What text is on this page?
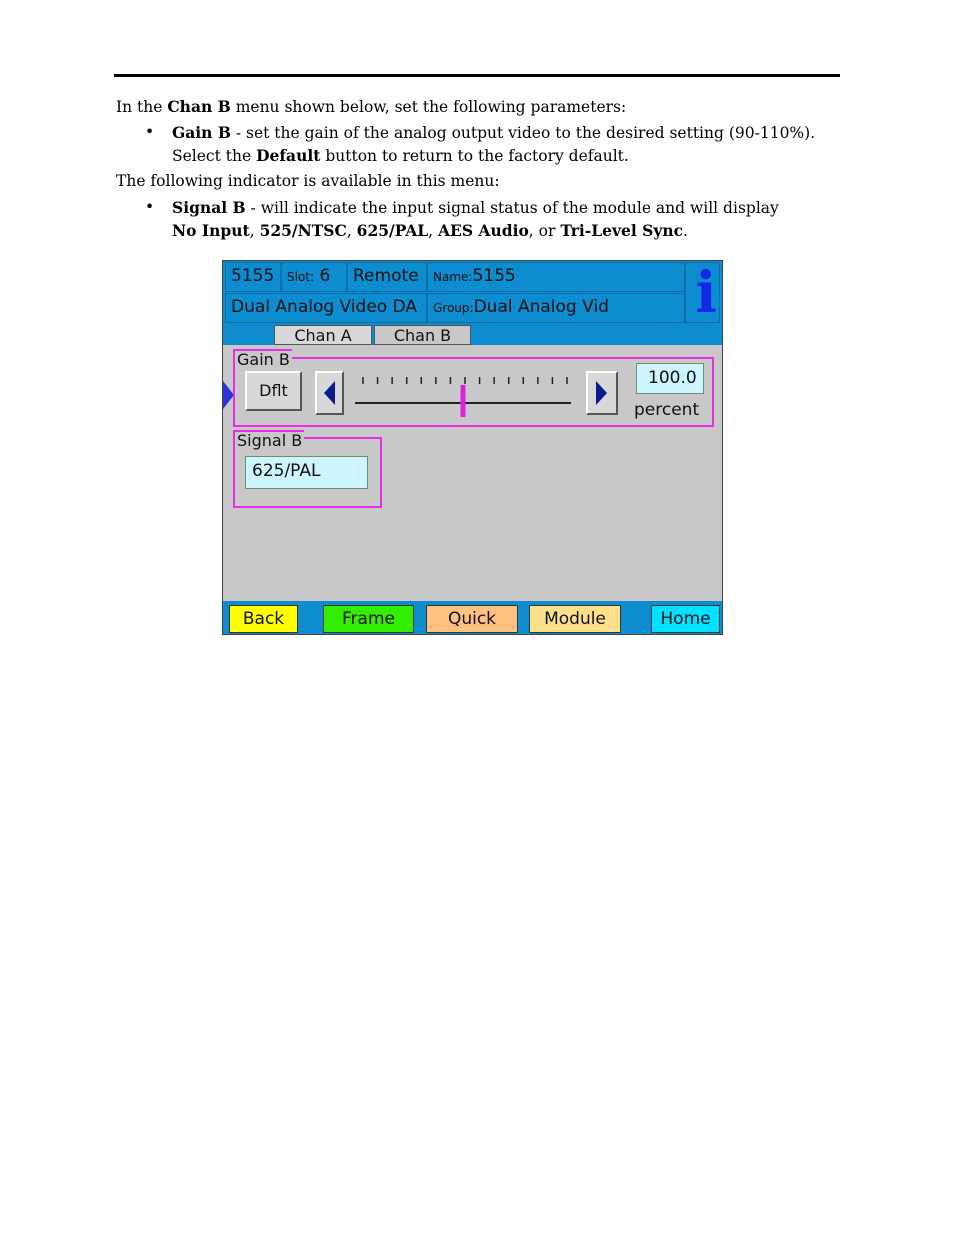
In the Chan B menu shown below, set the following parameters:
• Gain B - set the gain of the analog output video to the desired setting (90-110%).
Select the Default button to return to the factory default.
The following indicator is available in this menu:
• Signal B - will indicate the input signal status of the module and will display
No Input, 525/NTSC, 625/PAL, AES Audio, or Tri-Level Sync.
5155	Slot: 6	Remote	Name:5155
Dual Analog Video DA	Group:Dual Analog Vid	i
Chan A	Chan B
Gain B
Dflt
100.0
percent
Signal B
625/PAL
Back	Frame	Quick	Module	Home
